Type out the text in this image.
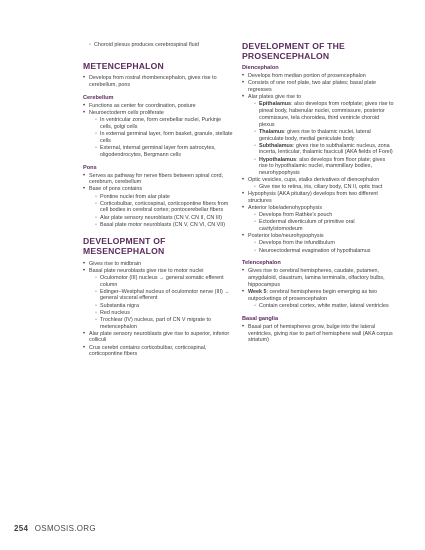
◦ Choroid plexus produces cerebrospinal fluid
METENCEPHALON
• Develops from rostral rhombencephalon, gives rise to cerebellum, pons
Cerebellum
• Functions as center for coordination, posture
• Neuroectoderm cells proliferate
◦ In ventricular zone, form cerebellar nuclei, Purkinje cells, golgi cells
◦ In external germinal layer, form basket, granule, stellate cells
◦ External, internal germinal layer form astrocytes, oligodendrocytes, Bergmann cells
Pons
• Serves as pathway for nerve fibers between spinal cord, cerebrum, cerebellum
• Base of pons contains
◦ Pontine nuclei from alar plate
◦ Corticobulbar, corticospinal, corticopontine fibers from cell bodies in cerebral cortex; pontocerebellar fibers
◦ Alar plate sensory neuroblasts (CN V, CN II, CN III)
◦ Basal plate motor neuroblasts (CN V, CN VI, CN VII)
DEVELOPMENT OF MESENCEPHALON
• Gives rise to midbrain
• Basal plate neuroblasts give rise to motor nuclei
◦ Oculomotor (III) nucleus → general somatic efferent column
◦ Edinger–Westphal nucleus of oculomotor nerve (III) → general visceral efferent
◦ Substantia nigra
◦ Red nucleus
◦ Trochlear (IV) nucleus, part of CN V migrate to metencephalon
• Alar plate sensory neuroblasts give rise to superior, inferior colliculi
• Crus cerebri contains corticobulbar, corticospinal, corticopontine fibers
DEVELOPMENT OF THE PROSENCEPHALON
Diencephalon
• Develops from median portion of prosencephalon
• Consists of one roof plate, two alar plates; basal plate regresses
• Alar plates give rise to
◦ Epithalamus: also develops from roofplate; gives rise to pineal body, habenular nuclei, commissure, posterior commissure, tela choroidea, third ventricle choroid plexus
◦ Thalamus: gives rise to thalamic nuclei, lateral geniculate body, medial geniculate body
◦ Subthalamus: gives rise to subthalamic nucleus, zona incerta, lenticular, thalamic fasciculi (AKA fields of Forel)
◦ Hypothalamus: also develops from floor plate; gives rise to hypothalamic nuclei, mammillary bodies, neurohypophysis
• Optic vesicles, cups, stalks derivatives of diencephalon
◦ Give rise to retina, iris, ciliary body, CN II, optic tract
• Hypophysis (AKA pituitary) develops from two different structures
• Anterior lobe/adenohypophysis
◦ Develops from Rathke's pouch
◦ Ectodermal diverticulum of primitive oral cavity/stomodeum
• Posterior lobe/neurohypophysis
◦ Develops from the infundibulum
◦ Neuroectodermal evagination of hypothalamus
Telencephalon
• Gives rise to cerebral hemispheres, caudate, putamen, amygdaloid, claustrum, lamina terminalis, olfactory bulbs, hippocampus
• Week 5: cerebral hemispheres begin emerging as two outpocketings of prosencephalon
◦ Contain cerebral cortex, white matter, lateral ventricles
Basal ganglia
• Basal part of hemispheres grow, bulge into the lateral ventricles, giving rise to part of hemisphere wall (AKA corpus striatum)
254 OSMOSIS.ORG
